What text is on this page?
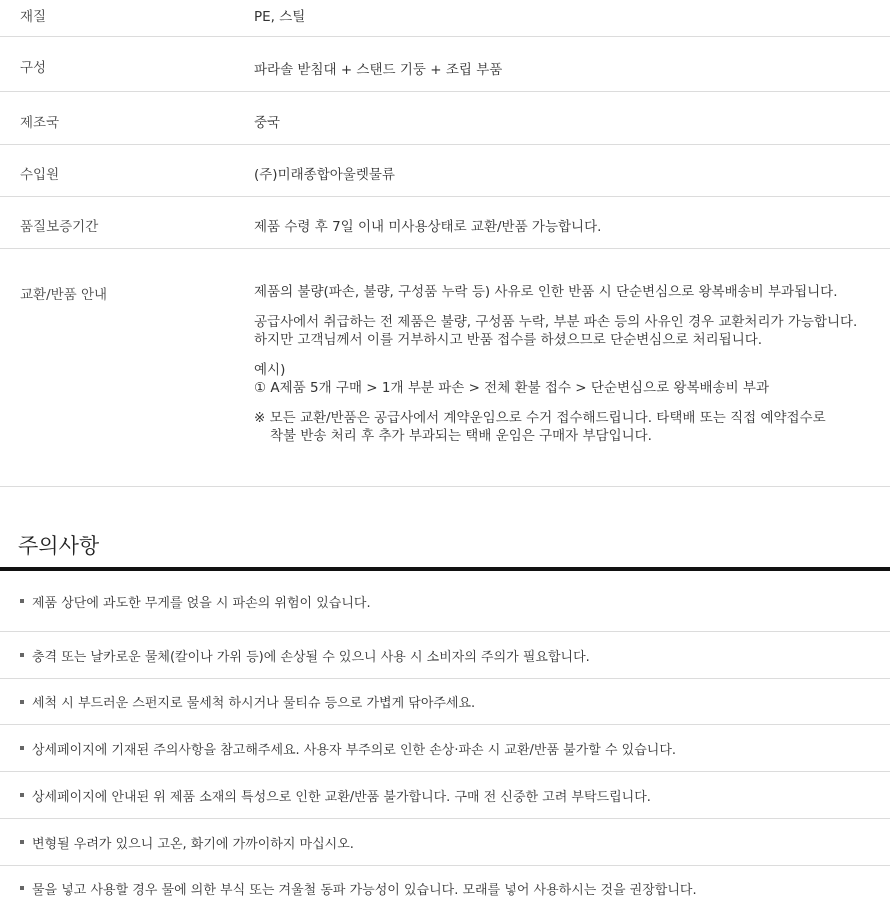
재질	PE, 스틸
구성	파라솔 받침대 + 스탠드 기둥 + 조립 부품
제조국	중국
수입원	(주)미래종합아울렛물류
품질보증기간	제품 수령 후 7일 이내 미사용상태로 교환/반품 가능합니다.
교환/반품 안내	제품의 불량(파손, 불량, 구성품 누락 등) 사유로 인한 반품 시 단순변심으로 왕복배송비 부과됩니다.

공급사에서 취급하는 전 제품은 불량, 구성품 누락, 부분 파손 등의 사유인 경우 교환처리가 가능합니다.

하지만 고객님께서 이를 거부하시고 반품 접수를 하셨으므로 단순변심으로 처리됩니다.

예시)

① A제품 5개 구매 > 1개 부분 파손 > 전체 환불 접수 > 단순변심으로 왕복배송비 부과

※ 모든 교환/반품은 공급사에서 계약운임으로 수거 접수해드립니다. 타택배 또는 직접 예약접수로

착불 반송 처리 후 추가 부과되는 택배 운임은 구매자 부담입니다.

주의사항
제품 상단에 과도한 무게를 얹을 시 파손의 위험이 있습니다.
충격 또는 날카로운 물체(칼이나 가위 등)에 손상될 수 있으니 사용 시 소비자의 주의가 필요합니다.
세척 시 부드러운 스펀지로 물세척 하시거나 물티슈 등으로 가볍게 닦아주세요.
상세페이지에 기재된 주의사항을 참고해주세요. 사용자 부주의로 인한 손상·파손 시 교환/반품 불가할 수 있습니다.
상세페이지에 안내된 위 제품 소재의 특성으로 인한 교환/반품 불가합니다. 구매 전 신중한 고려 부탁드립니다.
변형될 우려가 있으니 고온, 화기에 가까이하지 마십시오.
물을 넣고 사용할 경우 물에 의한 부식 또는 겨울철 동파 가능성이 있습니다. 모래를 넣어 사용하시는 것을 권장합니다.
